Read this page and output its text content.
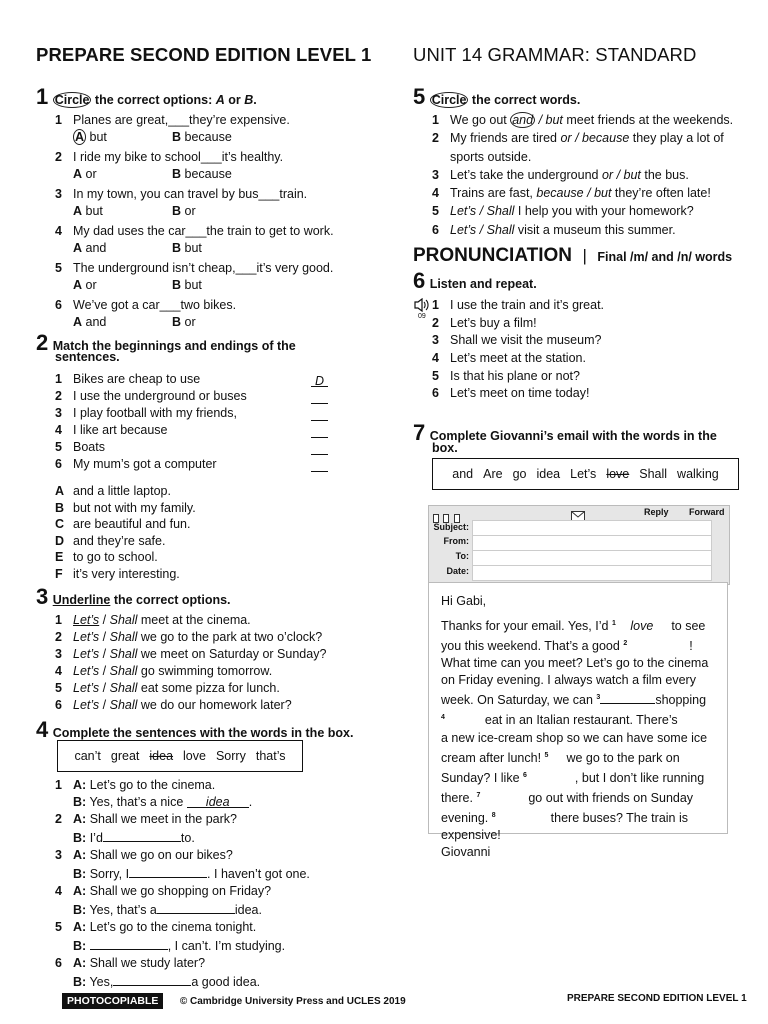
PREPARE SECOND EDITION LEVEL 1 UNIT 14 GRAMMAR: STANDARD
1 Circle the correct options: A or B.
1 Planes are great,___they’re expensive.
A but	B because
2 I ride my bike to school___it’s healthy.
A or	B because
3 In my town, you can travel by bus___train.
A but	B or
4 My dad uses the car___the train to get to work.
A and	B but
5 The underground isn’t cheap,___it’s very good.
A or	B but
6 We’ve got a car___two bikes.
A and	B or
2 Match the beginnings and endings of the
sentences.
1 Bikes are cheap to use	D
2 I use the underground or buses
3 I play football with my friends,
4 I like art because
5 Boats
6 My mum’s got a computer
A and a little laptop.
B but not with my family.
C are beautiful and fun.
D and they’re safe.
E to go to school.
F it’s very interesting.
3 Underline the correct options.
1 Let’s / Shall meet at the cinema.
2 Let’s / Shall we go to the park at two o’clock?
3 Let’s / Shall we meet on Saturday or Sunday?
4 Let’s / Shall go swimming tomorrow.
5 Let’s / Shall eat some pizza for lunch.
6 Let’s / Shall we do our homework later?
4 Complete the sentences with the words in the box.
can’t great idea love Sorry that’s
1 A: Let’s go to the cinema.
B: Yes, that’s a nice idea .
2 A: Shall we meet in the park?
B: I’d	to.
3 A: Shall we go on our bikes?
B: Sorry, I	. I haven’t got one.
4 A: Shall we go shopping on Friday?
B: Yes, that’s a	idea.
5 A: Let’s go to the cinema tonight.
B:	, I can’t. I’m studying.
6 A: Shall we study later?
B: Yes,	a good idea.
5 Circle the correct words.
1 We go out and / but meet friends at the weekends.
2 My friends are tired or / because they play a lot of
sports outside.
3 Let’s take the underground or / but the bus.
4 Trains are fast, because / but they’re often late!
5 Let’s / Shall I help you with your homework?
6 Let’s / Shall visit a museum this summer.
PRONUNCIATION | Final /m/ and /n/ words
6 Listen and repeat.
09
1 I use the train and it’s great.
2 Let’s buy a film!
3 Shall we visit the museum?
4 Let’s meet at the station.
5 Is that his plane or not?
6 Let’s meet on time today!
7 Complete Giovanni’s email with the words in the
box.
and Are go idea Let’s love Shall walking

Reply Forward
Subject:
From:
To:
Date:
Hi Gabi,
Thanks for your email. Yes, I’d $^1$ love to see
you this weekend. That’s a good $^2$	!
What time can you meet? Let’s go to the cinema
on Friday evening. I always watch a film every
week. On Saturday, we can $^3$	shopping
$^4$	eat in an Italian restaurant. There’s
a new ice-cream shop so we can have some ice
cream after lunch! $^5$ we go to the park on
Sunday? I like $^6$	, but I don’t like running
there. $^7$	go out with friends on Sunday
evening. $^8$	there buses? The train is
expensive!
Giovanni
PHOTOCOPIABLE © Cambridge University Press and UCLES 2019	PREPARE SECOND EDITION LEVEL 1
